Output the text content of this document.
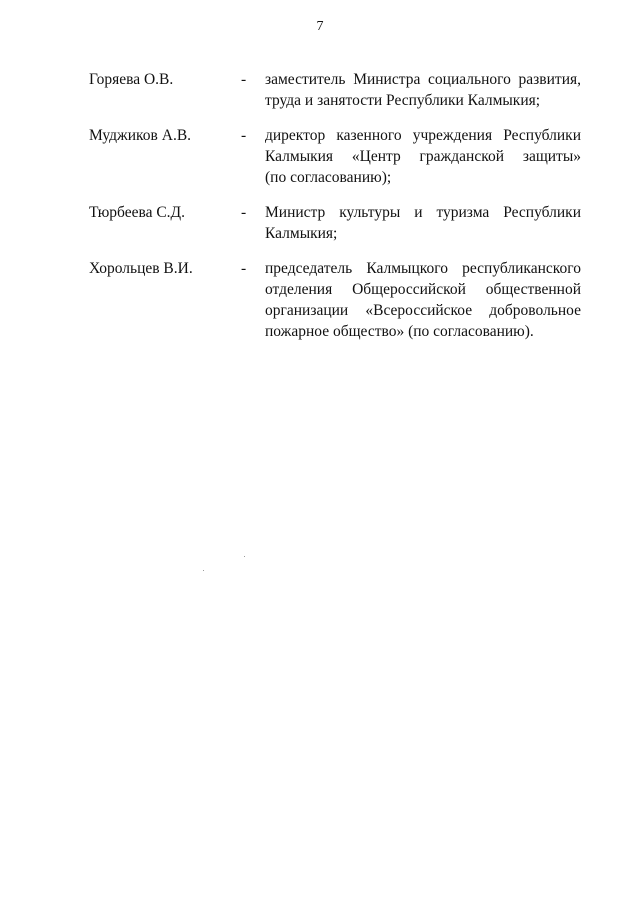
7
Горяева О.В.	-	заместитель Министра социального развития,
труда и занятости Республики Калмыкия;
Муджиков А.В.	-	директор казенного учреждения Республики
Калмыкия «Центр гражданской защиты»
(по согласованию);
Тюрбеева С.Д.	-	Министр культуры и туризма Республики
Калмыкия;
Хорольцев В.И.	-	председатель Калмыцкого республиканского
отделения Общероссийской общественной
организации «Всероссийское добровольное
пожарное общество» (по согласованию).
